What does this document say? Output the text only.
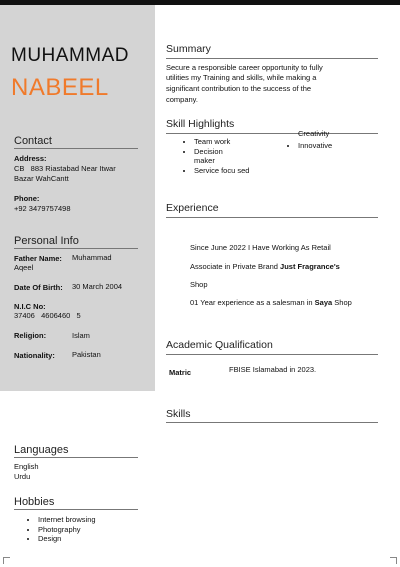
MUHAMMAD
NABEEL
Contact
Address:
CB   883 Riastabad Near Itwar
Bazar WahCantt
Phone:
+92 3479757498
Personal Info
Father Name: Muhammad
Aqeel
Date Of Birth: 30 March 2004
N.I.C No:
37406   4606460   5
Religion:	Islam
Nationality: Pakistan
Languages
English
Urdu
Hobbies
• Internet browsing
• Photography
• Design
Summary
Secure a responsible career opportunity to fully
utilities my Training and skills, while making a
significant contribution to the success of the
company.
Skill Highlights
• Team work
• Decision maker
• Service focu sed
Creativity
• Innovative
Experience
Since June 2022 I Have Working As Retail
Associate in Private Brand Just Fragrance's
Shop
01 Year experience as a salesman in Saya Shop
Academic Qualification
Matric	FBISE Islamabad in 2023.
Skills
